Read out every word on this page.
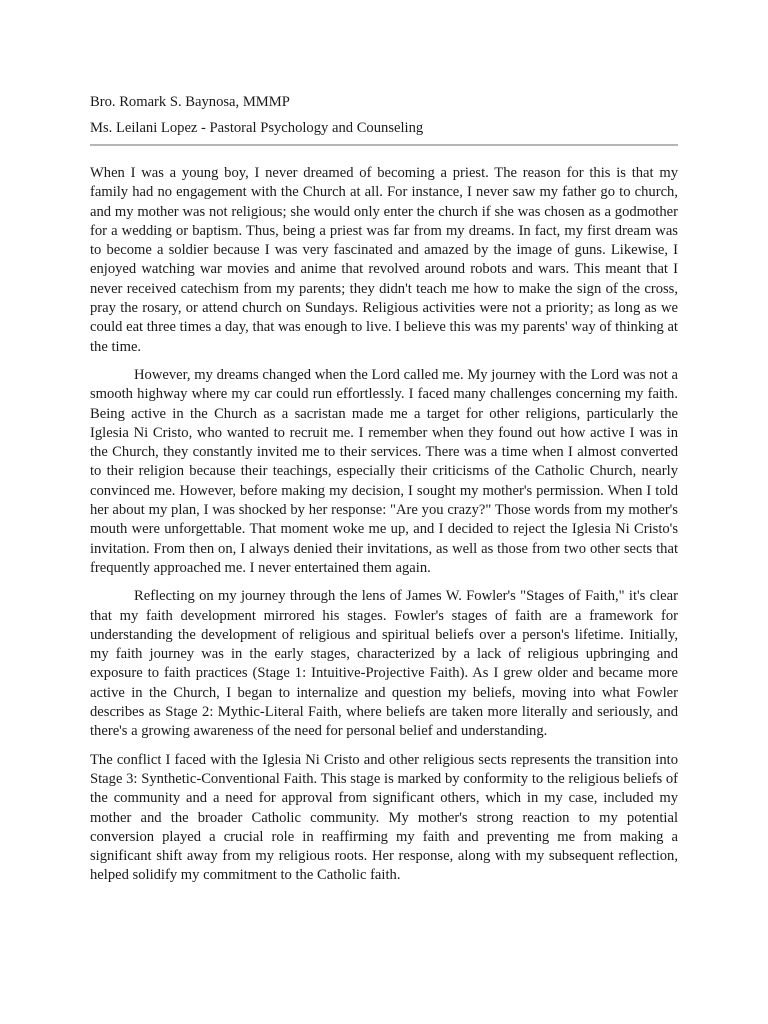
Bro. Romark S. Baynosa, MMMP
Ms. Leilani Lopez - Pastoral Psychology and Counseling

When I was a young boy, I never dreamed of becoming a priest. The reason for this is that my family had no engagement with the Church at all. For instance, I never saw my father go to church, and my mother was not religious; she would only enter the church if she was chosen as a godmother for a wedding or baptism. Thus, being a priest was far from my dreams. In fact, my first dream was to become a soldier because I was very fascinated and amazed by the image of guns. Likewise, I enjoyed watching war movies and anime that revolved around robots and wars. This meant that I never received catechism from my parents; they didn't teach me how to make the sign of the cross, pray the rosary, or attend church on Sundays. Religious activities were not a priority; as long as we could eat three times a day, that was enough to live. I believe this was my parents' way of thinking at the time.

However, my dreams changed when the Lord called me. My journey with the Lord was not a smooth highway where my car could run effortlessly. I faced many challenges concerning my faith. Being active in the Church as a sacristan made me a target for other religions, particularly the Iglesia Ni Cristo, who wanted to recruit me. I remember when they found out how active I was in the Church, they constantly invited me to their services. There was a time when I almost converted to their religion because their teachings, especially their criticisms of the Catholic Church, nearly convinced me. However, before making my decision, I sought my mother's permission. When I told her about my plan, I was shocked by her response: "Are you crazy?" Those words from my mother's mouth were unforgettable. That moment woke me up, and I decided to reject the Iglesia Ni Cristo's invitation. From then on, I always denied their invitations, as well as those from two other sects that frequently approached me. I never entertained them again.

Reflecting on my journey through the lens of James W. Fowler's "Stages of Faith," it's clear that my faith development mirrored his stages. Fowler's stages of faith are a framework for understanding the development of religious and spiritual beliefs over a person's lifetime. Initially, my faith journey was in the early stages, characterized by a lack of religious upbringing and exposure to faith practices (Stage 1: Intuitive-Projective Faith). As I grew older and became more active in the Church, I began to internalize and question my beliefs, moving into what Fowler describes as Stage 2: Mythic-Literal Faith, where beliefs are taken more literally and seriously, and there's a growing awareness of the need for personal belief and understanding.

The conflict I faced with the Iglesia Ni Cristo and other religious sects represents the transition into Stage 3: Synthetic-Conventional Faith. This stage is marked by conformity to the religious beliefs of the community and a need for approval from significant others, which in my case, included my mother and the broader Catholic community. My mother's strong reaction to my potential conversion played a crucial role in reaffirming my faith and preventing me from making a significant shift away from my religious roots. Her response, along with my subsequent reflection, helped solidify my commitment to the Catholic faith.
